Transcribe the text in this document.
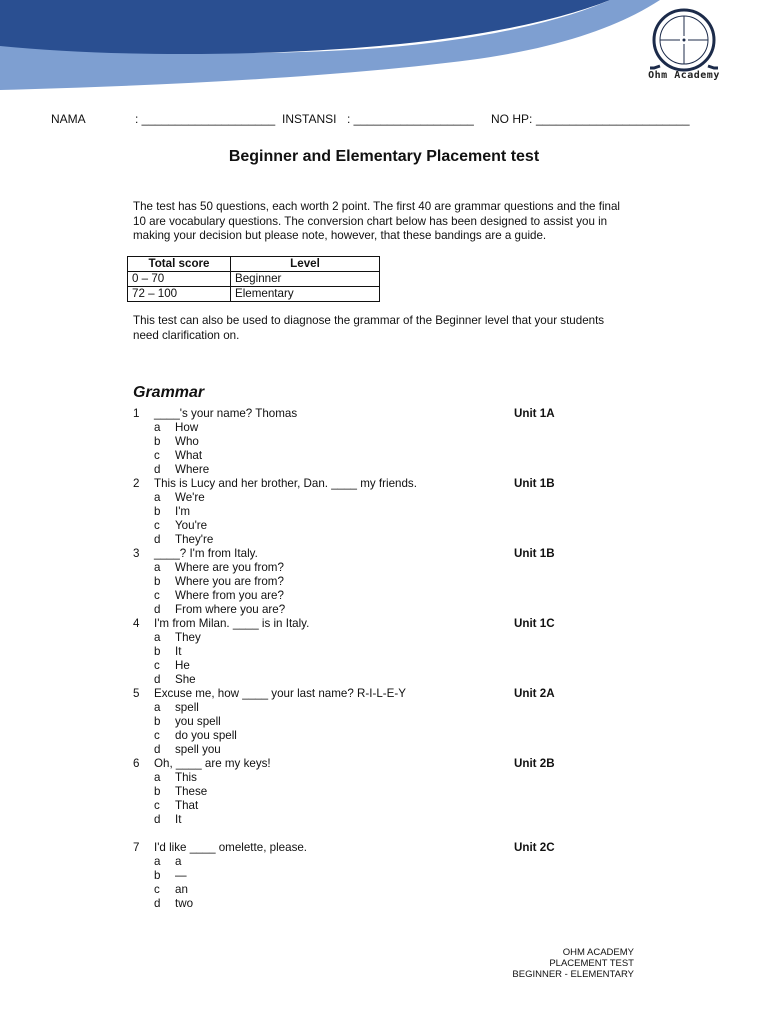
Ohm Academy
NAMA	: ____________________ INSTANSI : __________________ NO HP: _______________________
Beginner and Elementary Placement test
The test has 50 questions, each worth 2 point. The first 40 are grammar questions and the final 10 are vocabulary questions. The conversion chart below has been designed to assist you in making your decision but please note, however, that these bandings are a guide.
Total score	Level
0 – 70	Beginner
72 – 100	Elementary
This test can also be used to diagnose the grammar of the Beginner level that your students need clarification on.
Grammar
1 ____'s your name? Thomas	Unit 1A
a How
b Who
c What
d Where
2 This is Lucy and her brother, Dan. ____ my friends.	Unit 1B
a We're
b I'm
c You're
d They're
3 ____? I'm from Italy.	Unit 1B
a Where are you from?
b Where you are from?
c Where from you are?
d From where you are?
4 I'm from Milan. ____ is in Italy.	Unit 1C
a They
b It
c He
d She
5 Excuse me, how ____ your last name? R-I-L-E-Y	Unit 2A
a spell
b you spell
c do you spell
d spell you
6 Oh, ____ are my keys!	Unit 2B
a This
b These
c That
d It
7 I'd like ____ omelette, please.	Unit 2C
a a
b —
c an
d two
OHM ACADEMY
PLACEMENT TEST
BEGINNER - ELEMENTARY
